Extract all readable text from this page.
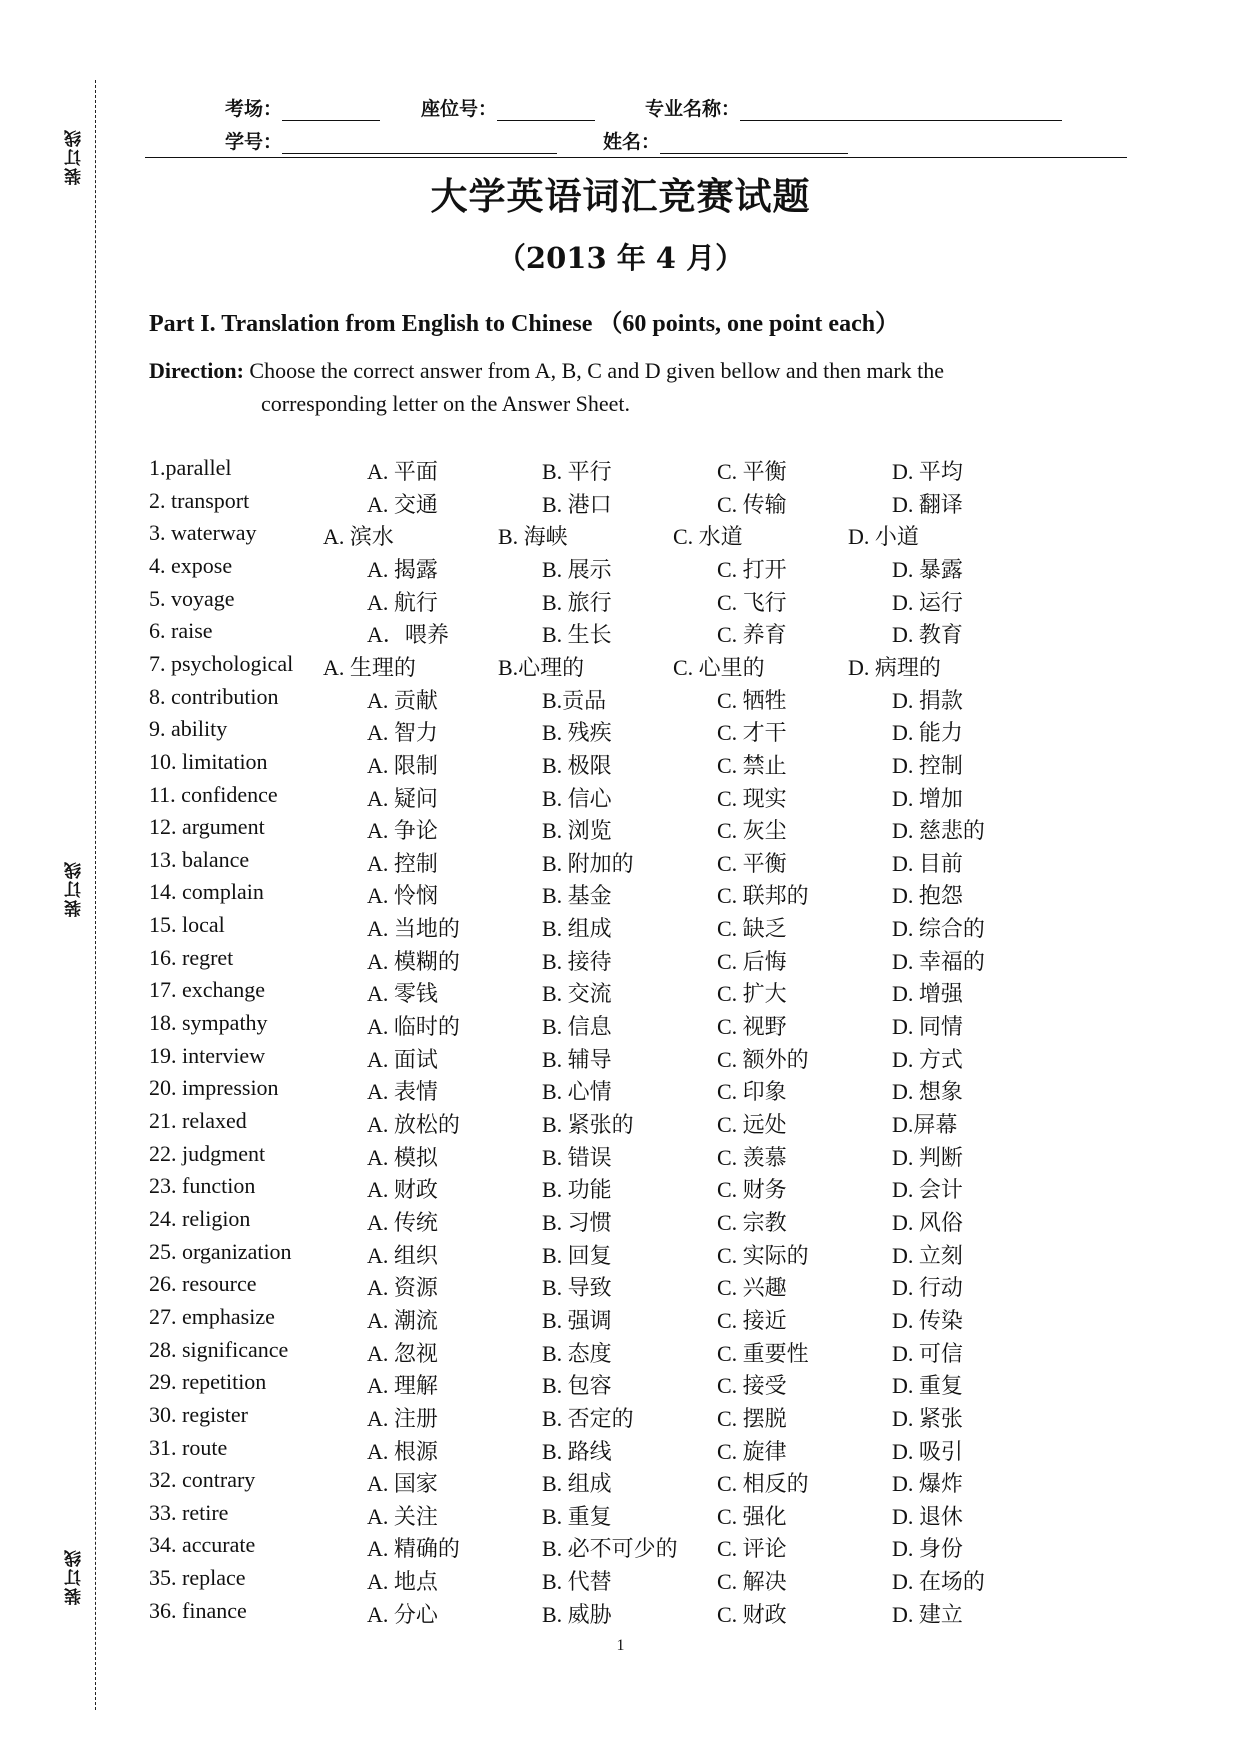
装订线
装订线
装订线
考场：	座位号：	专业名称：
学号：	姓名：
大学英语词汇竞赛试题
（2013 年 4 月）
Part I. Translation from English to Chinese （60 points, one point each）
Direction: Choose the correct answer from A, B, C and D given bellow and then mark the
corresponding letter on the Answer Sheet.
1.parallel	A. 平面	B. 平行	C. 平衡	D. 平均
2. transport	A. 交通	B. 港口	C. 传输	D. 翻译
3. waterway	A. 滨水	B. 海峡	C. 水道	D. 小道
4. expose	A. 揭露	B. 展示	C. 打开	D. 暴露
5. voyage	A. 航行	B. 旅行	C. 飞行	D. 运行
6. raise	A．喂养	B. 生长	C. 养育	D. 教育
7. psychological A. 生理的	B.心理的	C. 心里的	D. 病理的
8. contribution	A. 贡献	B.贡品	C. 牺牲	D. 捐款
9. ability	A. 智力	B. 残疾	C. 才干	D. 能力
10. limitation	A. 限制	B. 极限	C. 禁止	D. 控制
11. confidence	A. 疑问	B. 信心	C. 现实	D. 增加
12. argument	A. 争论	B. 浏览	C. 灰尘	D. 慈悲的
13. balance	A. 控制	B. 附加的	C. 平衡	D. 目前
14. complain	A. 怜悯	B. 基金	C. 联邦的	D. 抱怨
15. local	A. 当地的	B. 组成	C. 缺乏	D. 综合的
16. regret	A. 模糊的	B. 接待	C. 后悔	D. 幸福的
17. exchange	A. 零钱	B. 交流	C. 扩大	D. 增强
18. sympathy	A. 临时的	B. 信息	C. 视野	D. 同情
19. interview	A. 面试	B. 辅导	C. 额外的	D. 方式
20. impression	A. 表情	B. 心情	C. 印象	D. 想象
21. relaxed	A. 放松的	B. 紧张的	C. 远处	D.屏幕
22. judgment	A. 模拟	B. 错误	C. 羡慕	D. 判断
23. function	A. 财政	B. 功能	C. 财务	D. 会计
24. religion	A. 传统	B. 习惯	C. 宗教	D. 风俗
25. organization	A. 组织	B. 回复	C. 实际的	D. 立刻
26. resource	A. 资源	B. 导致	C. 兴趣	D. 行动
27. emphasize	A. 潮流	B. 强调	C. 接近	D. 传染
28. significance	A. 忽视	B. 态度	C. 重要性	D. 可信
29. repetition	A. 理解	B. 包容	C. 接受	D. 重复
30. register	A. 注册	B. 否定的	C. 摆脱	D. 紧张
31. route	A. 根源	B. 路线	C. 旋律	D. 吸引
32. contrary	A. 国家	B. 组成	C. 相反的	D. 爆炸
33. retire	A. 关注	B. 重复	C. 强化	D. 退休
34. accurate	A. 精确的	B. 必不可少的 C. 评论	D. 身份
35. replace	A. 地点	B. 代替	C. 解决	D. 在场的
36. finance	A. 分心	B. 威胁	C. 财政	D. 建立
1
